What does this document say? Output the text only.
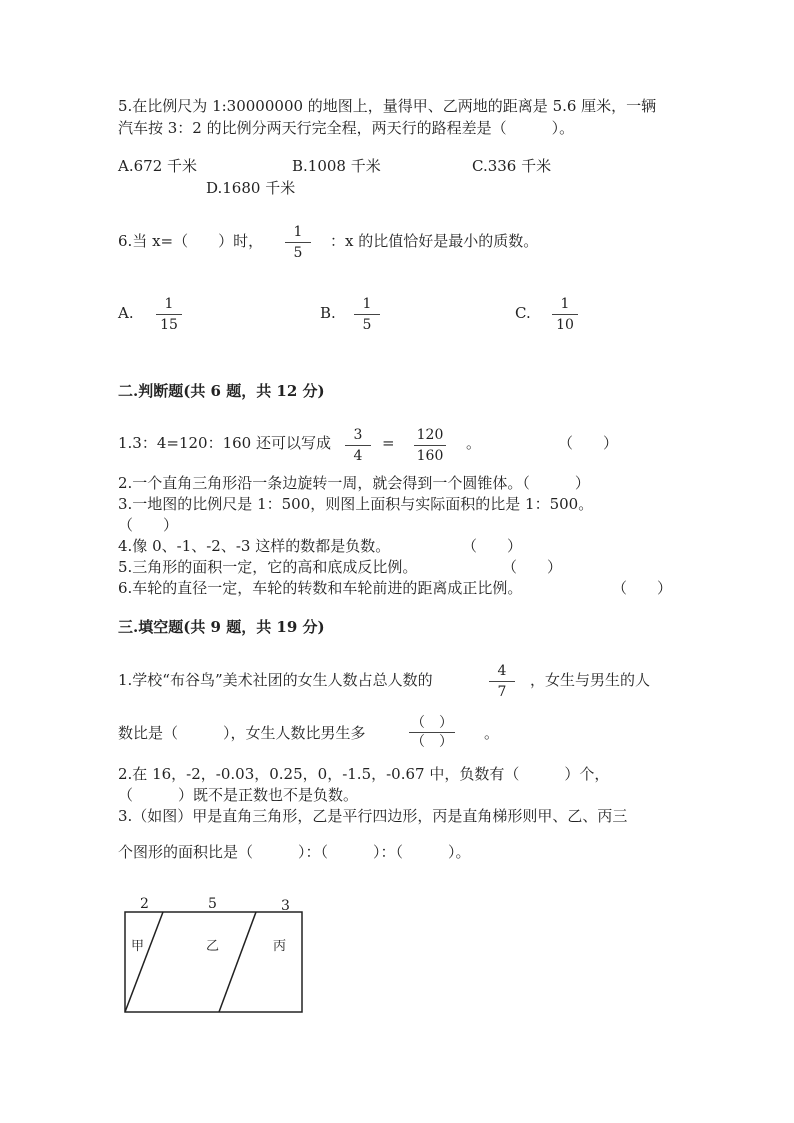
5.在比例尺为 1:30000000 的地图上，量得甲、乙两地的距离是 5.6 厘米，一辆
汽车按 3：2 的比例分两天行完全程，两天行的路程差是（　　　）。
A.672 千米	B.1008 千米	C.336 千米
D.1680 千米
6.当 x=（　　）时，	1
5
：x 的比值恰好是最小的质数。
A.	1
15
B.	1
5
C.	1
10
二.判断题(共 6 题，共 12 分)
1.3：4=120：160 还可以写成	3
4
=	120
160
。	（　　）
2.一个直角三角形沿一条边旋转一周，就会得到一个圆锥体。（　　　）
3.一地图的比例尺是 1：500，则图上面积与实际面积的比是 1：500。
（　　）
4.像 0、-1、-2、-3 这样的数都是负数。	（　　）
5.三角形的面积一定，它的高和底成反比例。	（　　）
6.车轮的直径一定，车轮的转数和车轮前进的距离成正比例。	（　　）
三.填空题(共 9 题，共 19 分)
1.学校“布谷鸟”美术社团的女生人数占总人数的	4
7
，女生与男生的人
数比是（　　　），女生人数比男生多
（　）
（　） 。
2.在 16，-2，-0.03，0.25，0，-1.5，-0.67 中，负数有（　　　）个，
（　　　）既不是正数也不是负数。
3.（如图）甲是直角三角形，乙是平行四边形，丙是直角梯形则甲、乙、丙三
个图形的面积比是（　　　）：（　　　）：（　　　）。
2	5	3
甲	乙	丙
